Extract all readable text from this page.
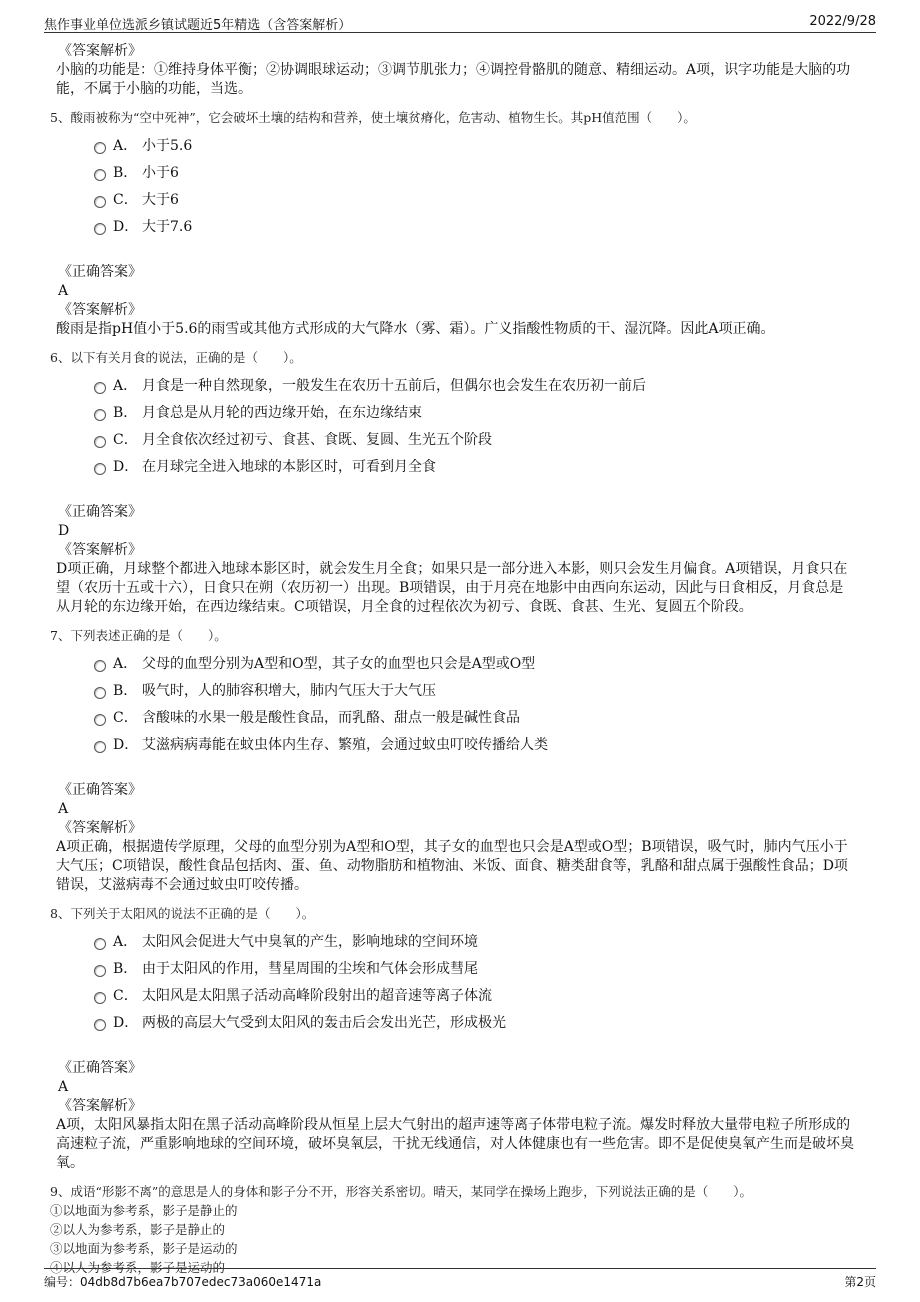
焦作事业单位选派乡镇试题近5年精选（含答案解析）	2022/9/28
《答案解析》
小脑的功能是：①维持身体平衡；②协调眼球运动；③调节肌张力；④调控骨骼肌的随意、精细运动。A项，识字功能是大脑的功能，不属于小脑的功能，当选。
5、酸雨被称为“空中死神”，它会破坏土壤的结构和营养，使土壤贫瘠化，危害动、植物生长。其pH值范围（　　）。
A． 小于5.6
B． 小于6
C． 大于6
D． 大于7.6
《正确答案》
A
《答案解析》
酸雨是指pH值小于5.6的雨雪或其他方式形成的大气降水（雾、霜）。广义指酸性物质的干、湿沉降。因此A项正确。
6、以下有关月食的说法，正确的是（　　）。
A． 月食是一种自然现象，一般发生在农历十五前后，但偶尔也会发生在农历初一前后
B． 月食总是从月轮的西边缘开始，在东边缘结束
C． 月全食依次经过初亏、食甚、食既、复圆、生光五个阶段
D． 在月球完全进入地球的本影区时，可看到月全食
《正确答案》
D
《答案解析》
D项正确，月球整个都进入地球本影区时，就会发生月全食；如果只是一部分进入本影，则只会发生月偏食。A项错误，月食只在望（农历十五或十六），日食只在朔（农历初一）出现。B项错误，由于月亮在地影中由西向东运动，因此与日食相反，月食总是从月轮的东边缘开始，在西边缘结束。C项错误，月全食的过程依次为初亏、食既、食甚、生光、复圆五个阶段。
7、下列表述正确的是（　　）。
A． 父母的血型分别为A型和O型，其子女的血型也只会是A型或O型
B． 吸气时，人的肺容积增大，肺内气压大于大气压
C． 含酸味的水果一般是酸性食品，而乳酪、甜点一般是碱性食品
D． 艾滋病病毒能在蚊虫体内生存、繁殖，会通过蚊虫叮咬传播给人类
《正确答案》
A
《答案解析》
A项正确，根据遗传学原理，父母的血型分别为A型和O型，其子女的血型也只会是A型或O型；B项错误，吸气时，肺内气压小于大气压；C项错误，酸性食品包括肉、蛋、鱼、动物脂肪和植物油、米饭、面食、糖类甜食等，乳酪和甜点属于强酸性食品；D项错误，艾滋病毒不会通过蚊虫叮咬传播。
8、下列关于太阳风的说法不正确的是（　　）。
A． 太阳风会促进大气中臭氧的产生，影响地球的空间环境
B． 由于太阳风的作用，彗星周围的尘埃和气体会形成彗尾
C． 太阳风是太阳黑子活动高峰阶段射出的超音速等离子体流
D． 两极的高层大气受到太阳风的轰击后会发出光芒，形成极光
《正确答案》
A
《答案解析》
A项，太阳风暴指太阳在黑子活动高峰阶段从恒星上层大气射出的超声速等离子体带电粒子流。爆发时释放大量带电粒子所形成的高速粒子流，严重影响地球的空间环境，破坏臭氧层，干扰无线通信，对人体健康也有一些危害。即不是促使臭氧产生而是破坏臭氧。
9、成语“形影不离”的意思是人的身体和影子分不开，形容关系密切。晴天，某同学在操场上跑步，下列说法正确的是（　　）。
①以地面为参考系，影子是静止的
②以人为参考系，影子是静止的
③以地面为参考系，影子是运动的
④以人为参考系，影子是运动的
编号：04db8d7b6ea7b707edec73a060e1471a	第2页
